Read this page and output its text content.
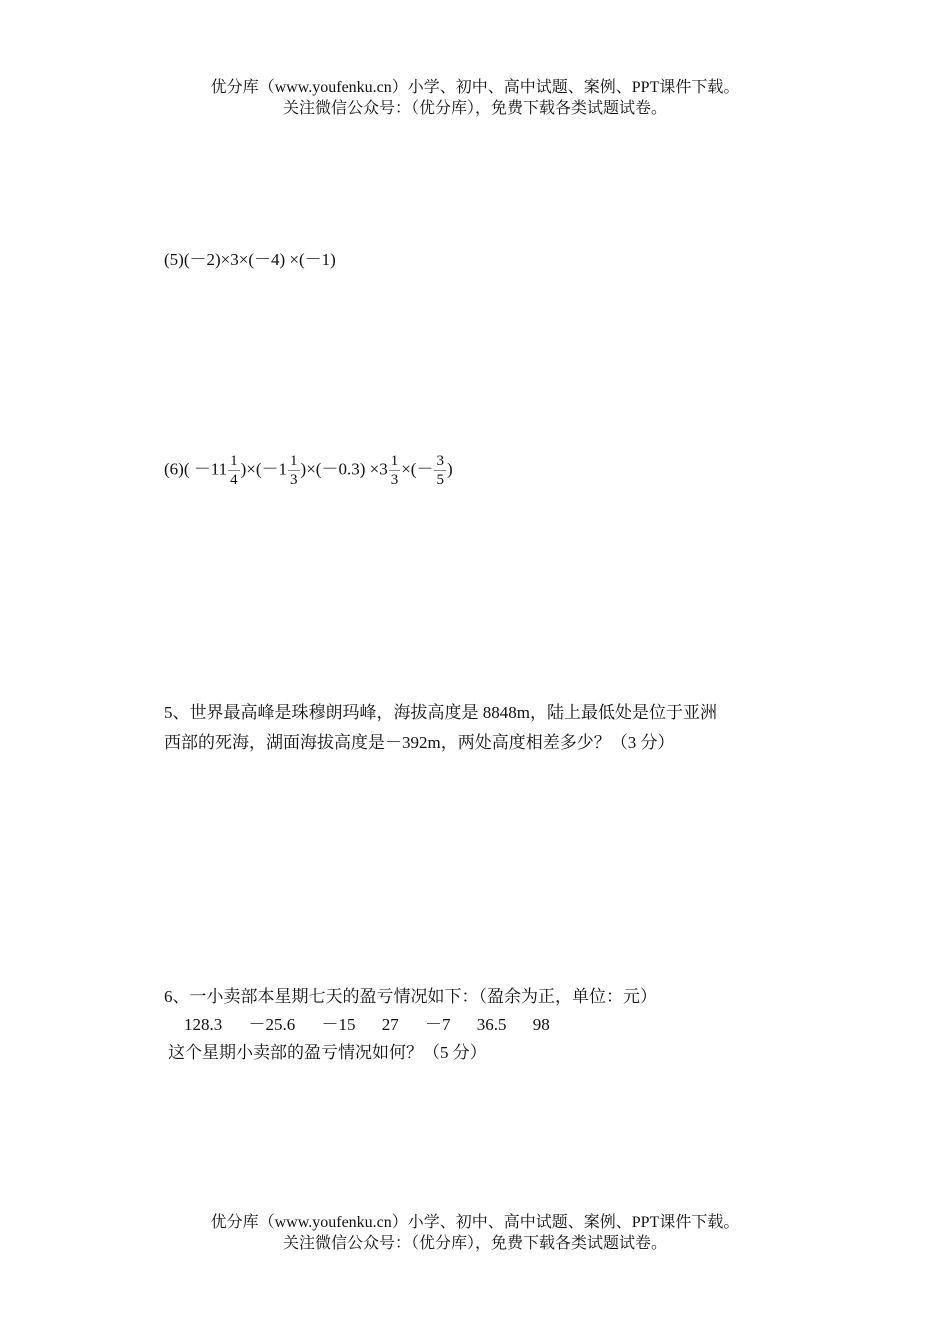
优分库（www.youfenku.cn）小学、初中、高中试题、案例、PPT课件下载。
关注微信公众号：（优分库），免费下载各类试题试卷。
(5)(－2)×3×(－4) ×(－1)
$(6)( -11 \frac{1}{4} )\times(-1 \frac{1}{3} )\times(-0.3) \times 3 \frac{1}{3}$ ×(－ $\frac{3}{5}$ )
5、世界最高峰是珠穆朗玛峰，海拔高度是 8848m，陆上最低处是位于亚洲
西部的死海，湖面海拔高度是－392m，两处高度相差多少？（3 分）
6、一小卖部本星期七天的盈亏情况如下：（盈余为正，单位：元）
128.3 －25.6 －15 27 －7 36.5 98
这个星期小卖部的盈亏情况如何？（5 分）
优分库（www.youfenku.cn）小学、初中、高中试题、案例、PPT课件下载。
关注微信公众号：（优分库），免费下载各类试题试卷。
